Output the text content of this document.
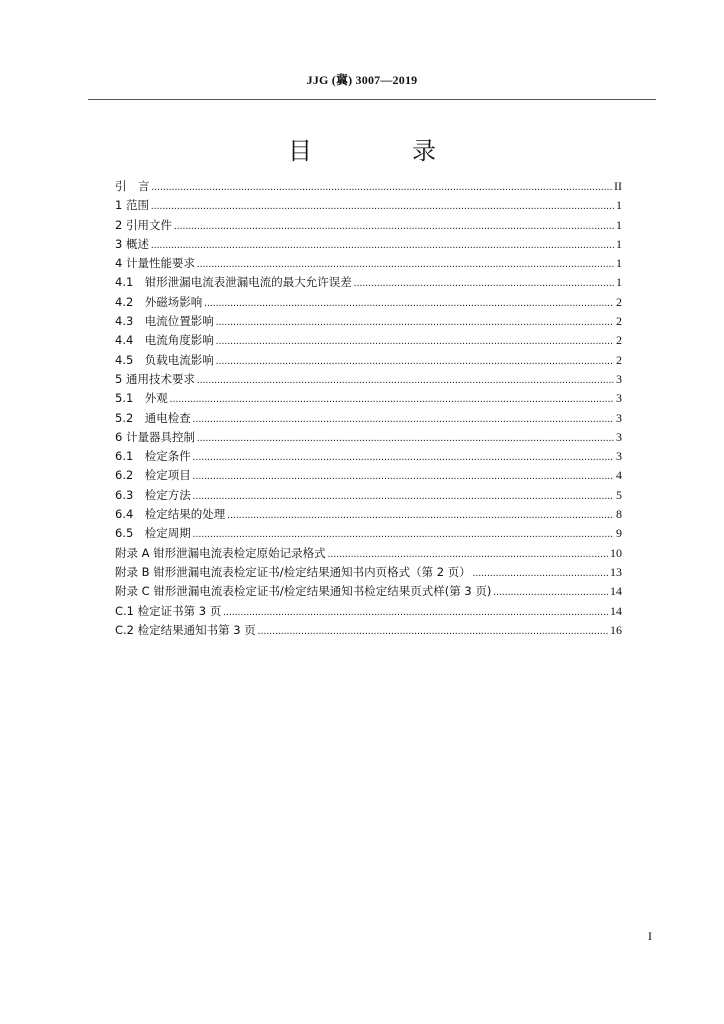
JJG (冀) 3007—2019
目　录
引　言 .....	II
1 范围 .....	1
2 引用文件 .....	1
3 概述 .....	1
4 计量性能要求 .....	1
4.1　钳形泄漏电流表泄漏电流的最大允许误差 .....	1
4.2　外磁场影响 .....	2
4.3　电流位置影响 .....	2
4.4　电流角度影响 .....	2
4.5　负载电流影响 .....	2
5 通用技术要求 .....	3
5.1　外观 .....	3
5.2　通电检查 .....	3
6 计量器具控制 .....	3
6.1　检定条件 .....	3
6.2　检定项目 .....	4
6.3　检定方法 .....	5
6.4　检定结果的处理 .....	8
6.5　检定周期 .....	9
附录 A 钳形泄漏电流表检定原始记录格式 .....	10
附录 B 钳形泄漏电流表检定证书/检定结果通知书内页格式（第 2 页） .....	13
附录 C 钳形泄漏电流表检定证书/检定结果通知书检定结果页式样(第 3 页) .....	14
C.1 检定证书第 3 页 .....	14
C.2 检定结果通知书第 3 页 .....	16
I
